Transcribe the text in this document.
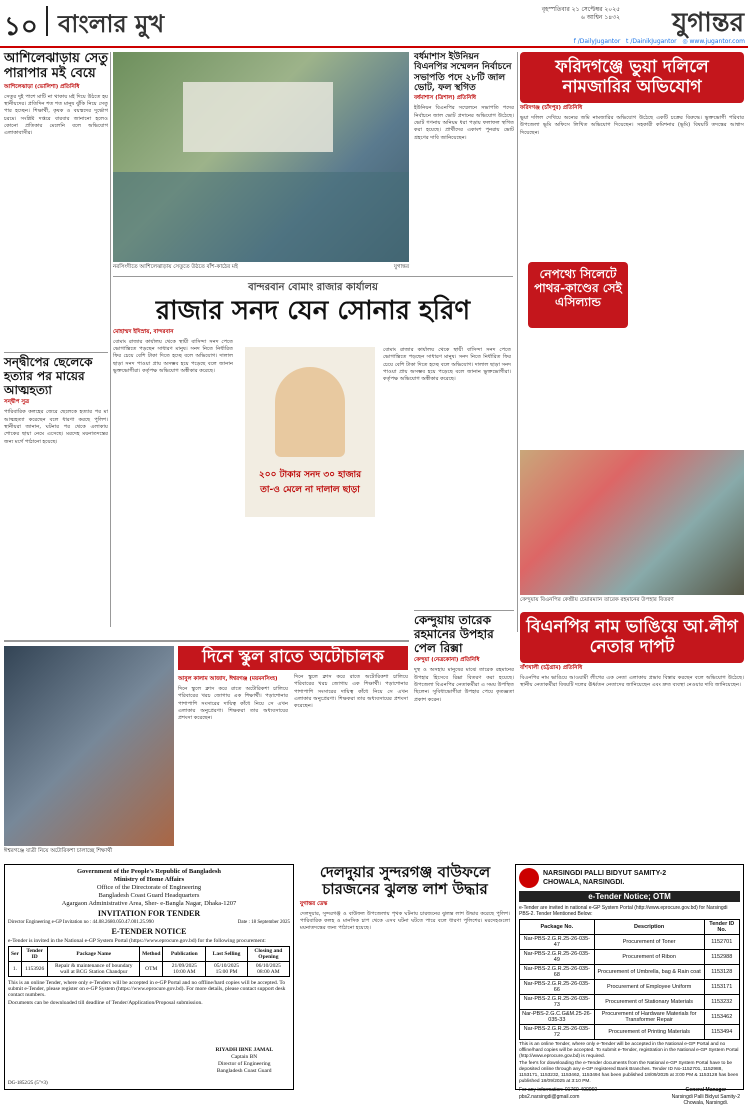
১০ বাংলার মুখ	বৃহস্পতিবার ২১ সেপ্টেম্বর ২০২৫
৬ আশ্বিন ১৪৩২	যুগান্তর
f /DailyJugantor t /DainikJugantor ◎ www.jugantor.com
আশিলেঝাড়ায় সেতু পারাপার মই বেয়ে
আশিলেঝাড়া (ভোলিশা) প্রতিনিধি
সেতুর দুই পাশে মাটি না থাকায় মই দিয়ে উঠতে হয় স্থানীয়দের। প্রতিদিন শত শত মানুষ ঝুঁকি নিয়ে সেতু পার হচ্ছেন। শিক্ষার্থী, কৃষক ও বয়স্কদের দুর্ভোগ চরমে। সংশ্লিষ্ট দপ্তরে বারবার জানানো হলেও কোনো প্রতিকার মেলেনি বলে অভিযোগ এলাকাবাসীর।
সন্দ্বীপের ছেলেকে হত্যার পর মায়ের আত্মহত্যা
সন্দ্বীপ সুত্র
পারিবারিক কলহের জেরে ছেলেকে হত্যার পর মা আত্মহত্যা করেছেন বলে ধারণা করছে পুলিশ। স্থানীয়রা জানান, ঘটনার পর থেকে এলাকায় শোকের ছায়া নেমে এসেছে। মরদেহ ময়নাতদন্তের জন্য মর্গে পাঠানো হয়েছে।
নরসিংদীতে আশিলেঝাড়ায় সেতুতে উঠতে বাঁশ-কাঠের মই	যুগান্তর
বর্ধমাশাস ইউনিয়ন বিএনপির সম্মেলন নির্বাচনে সভাপতি পদে ২৮টি জাল ভোট, ফল স্থগিত
বর্ধমাশাস (ত্রিশাল) প্রতিনিধি
ইউনিয়ন বিএনপির সম্মেলনে সভাপতি পদের নির্বাচনে জাল ভোট প্রদানের অভিযোগ উঠেছে। ভোট গণনায় অনিয়ম ধরা পড়ায় ফলাফল স্থগিত করা হয়েছে। প্রার্থীদের একাংশ পুনরায় ভোট গ্রহণের দাবি জানিয়েছেন।
ফরিদগঞ্জে ভুয়া দলিলে নামজারির অভিযোগ
ফরিদগঞ্জ (চাঁদপুর) প্রতিনিধি
ভুয়া দলিল দেখিয়ে অন্যের জমি নামজারির অভিযোগ উঠেছে একটি চক্রের বিরুদ্ধে। ভুক্তভোগী পরিবার উপজেলা ভূমি অফিসে লিখিত অভিযোগ দিয়েছেন। সহকারী কমিশনার (ভূমি) বিষয়টি তদন্তের আশ্বাস দিয়েছেন।
নেপথ্যে সিলেটে পাথর-কাণ্ডের সেই এসিল্যান্ড
বান্দরবান বোমাং রাজার কার্যালয়
রাজার সনদ যেন সোনার হরিণ
মোহাম্মদ ইদিস্রায়, বান্দরবান
বোমাং রাজার কার্যালয় থেকে স্থায়ী বাসিন্দা সনদ পেতে ভোগান্তিতে পড়ছেন সাধারণ মানুষ। সনদ নিতে নির্ধারিত ফির চেয়ে বেশি টাকা দিতে হচ্ছে বলে অভিযোগ। দালাল ছাড়া সনদ পাওয়া প্রায় অসম্ভব হয়ে পড়েছে বলে জানান ভুক্তভোগীরা। কর্তৃপক্ষ অভিযোগ অস্বীকার করেছে।
২০০ টাকার সনদ ৩০ হাজার তা-ও মেলে না দালাল ছাড়া
বোমাং রাজার কার্যালয় থেকে স্থায়ী বাসিন্দা সনদ পেতে ভোগান্তিতে পড়ছেন সাধারণ মানুষ। সনদ নিতে নির্ধারিত ফির চেয়ে বেশি টাকা দিতে হচ্ছে বলে অভিযোগ। দালাল ছাড়া সনদ পাওয়া প্রায় অসম্ভব হয়ে পড়েছে বলে জানান ভুক্তভোগীরা। কর্তৃপক্ষ অভিযোগ অস্বীকার করেছে।
কেন্দুয়ায় বিএনপির কেন্দ্রীয় চেয়ারম্যান তারেক রহমানের উপহার বিতরণ
কেন্দুয়ায় তারেক রহমানের উপহার পেল রিক্সা
কেন্দুয়া (নেত্রকোনা) প্রতিনিধি
দুস্থ ও অসহায় মানুষের মাঝে তারেক রহমানের উপহার হিসেবে রিক্সা বিতরণ করা হয়েছে। উপজেলা বিএনপির নেতাকর্মীরা এ সময় উপস্থিত ছিলেন। সুবিধাভোগীরা উপহার পেয়ে কৃতজ্ঞতা প্রকাশ করেন।
বিএনপির নাম ভাঙিয়ে আ.লীগ নেতার দাপট
বাঁশখালী (চট্টগ্রাম) প্রতিনিধি
বিএনপির নাম ভাঙিয়ে আওয়ামী লীগের এক নেতা এলাকায় প্রভাব বিস্তার করছেন বলে অভিযোগ উঠেছে। স্থানীয় নেতাকর্মীরা বিষয়টি দলের ঊর্ধ্বতন নেতাদের জানিয়েছেন এবং দ্রুত ব্যবস্থা নেওয়ার দাবি জানিয়েছেন।
ঈশ্বরগঞ্জে যাত্রী নিয়ে অটোরিকশা চালাচ্ছে শিক্ষার্থী
দিনে স্কুল রাতে অটোচালক
আবুল কালাম আজাদ, ঈশ্বরগঞ্জ (ময়মনসিংহ)
দিনে স্কুলে ক্লাস করে রাতে অটোরিকশা চালিয়ে পরিবারের খরচ জোগায় এক শিক্ষার্থী। পড়াশোনার পাশাপাশি সংসারের দায়িত্ব কাঁধে নিয়ে সে এখন এলাকার অনুপ্রেরণা। শিক্ষকরা তার অধ্যবসায়ের প্রশংসা করেছেন।
দিনে স্কুলে ক্লাস করে রাতে অটোরিকশা চালিয়ে পরিবারের খরচ জোগায় এক শিক্ষার্থী। পড়াশোনার পাশাপাশি সংসারের দায়িত্ব কাঁধে নিয়ে সে এখন এলাকার অনুপ্রেরণা। শিক্ষকরা তার অধ্যবসায়ের প্রশংসা করেছেন।
Government of the People's Republic of Bangladesh
Ministry of Home Affairs
Office of the Directorate of Engineering
Bangladesh Coast Guard Headquarters
Agargaon Administrative Area, Sher- e-Bangla Nagar, Dhaka-1207
INVITATION FOR TENDER
Director Engineering e-GP Invitation no : 44.08.2680.050.47.001.25.990	Date : 18 September 2025
E-TENDER NOTICE
e-Tender is invited in the National e-GP System Portal (https://www.eprocure.gov.bd) for the following procurement:
Ser	Tender ID	Package Name	Method	Publication	Last Selling	Closing and Opening
1.	1153926	Repair & maintenance of boundary wall at BCG Station Chandpur	OTM	21/09/2025 10:00 AM	05/10/2025 15:00 PM	06/10/2025 08:00 AM
This is an online Tender, where only e-Tenders will be accepted in e-GP Portal and no offline/hard copies will be accepted. To submit e-Tender, please register on e-GP System (https://www.eprocure.gov.bd). For more details, please contact support desk contact numbers.
Documents can be downloaded till deadline of Tender/Application/Proposal submission.
RIYADH IBNE JAMAL
Captain BN
Director of Engineering
Bangladesh Coast Guard
DG-1852/25 (5"×3)
দেলদুয়ার সুন্দরগঞ্জ বাউফলে চারজনের ঝুলন্ত লাশ উদ্ধার
যুগান্তর ডেস্ক
দেলদুয়ার, সুন্দরগঞ্জ ও বাউফল উপজেলায় পৃথক ঘটনায় চারজনের ঝুলন্ত লাশ উদ্ধার করেছে পুলিশ। পারিবারিক কলহ ও মানসিক চাপ থেকে এসব ঘটনা ঘটতে পারে বলে ধারণা পুলিশের। মরদেহগুলো ময়নাতদন্তের জন্য পাঠানো হয়েছে।
NARSINGDI PALLI BIDYUT SAMITY-2
CHOWALA, NARSINGDI.
e-Tender Notice; OTM
e-Tender are invited in national e-GP System Portal (http://www.eprocure.gov.bd) for Narsingdi PBS-2. Tender Mentioned Below:
Package No.	Description	Tender ID No.
Nar-PBS-2.G.R.25-26-035-47	Procurement of Toner	1152701
Nar-PBS-2.G.R.25-26-035-49	Procurement of Ribon	1152988
Nar-PBS-2.G.R.25-26-035-68	Procurement of Umbrella, bag & Rain coat	1153128
Nar-PBS-2.G.R.25-26-035-66	Procurement of Employee Uniform	1153171
Nar-PBS-2.G.R.25-26-035-73	Procurement of Stationary Materials	1153232
Nar-PBS-2.G.C.G&M.25-26-035-33	Procurement of Hardware Materials for Transformer Repair	1153462
Nar-PBS-2.G.R.25-26-035-72	Procurement of Printing Materials	1153494
This is an online Tender, where only e-Tender will be accepted in the National e-GP Portal and no offline/hard copies will be accepted. To submit e-Tender, registration in the National e-GP System Portal (http://www.eprocure.gov.bd) is required.
The fee's for downloading the e-Tender documents from the National e-GP System Portal have to be deposited online through any e-GP registered Bank Branches. Tender ID No-1152701, 1152988, 1153171, 1153232, 1153462, 1153494 has been published 18/09/2025 at 3:00 PM & 1153128 has been published 18/09/2025 at 3:10 PM.
For any information: 01769-400060
pbs2.narsingdi@gmail.com
General Manager
Narsingdi Palli Bidyut Samity-2
Chowala, Narsingdi.
